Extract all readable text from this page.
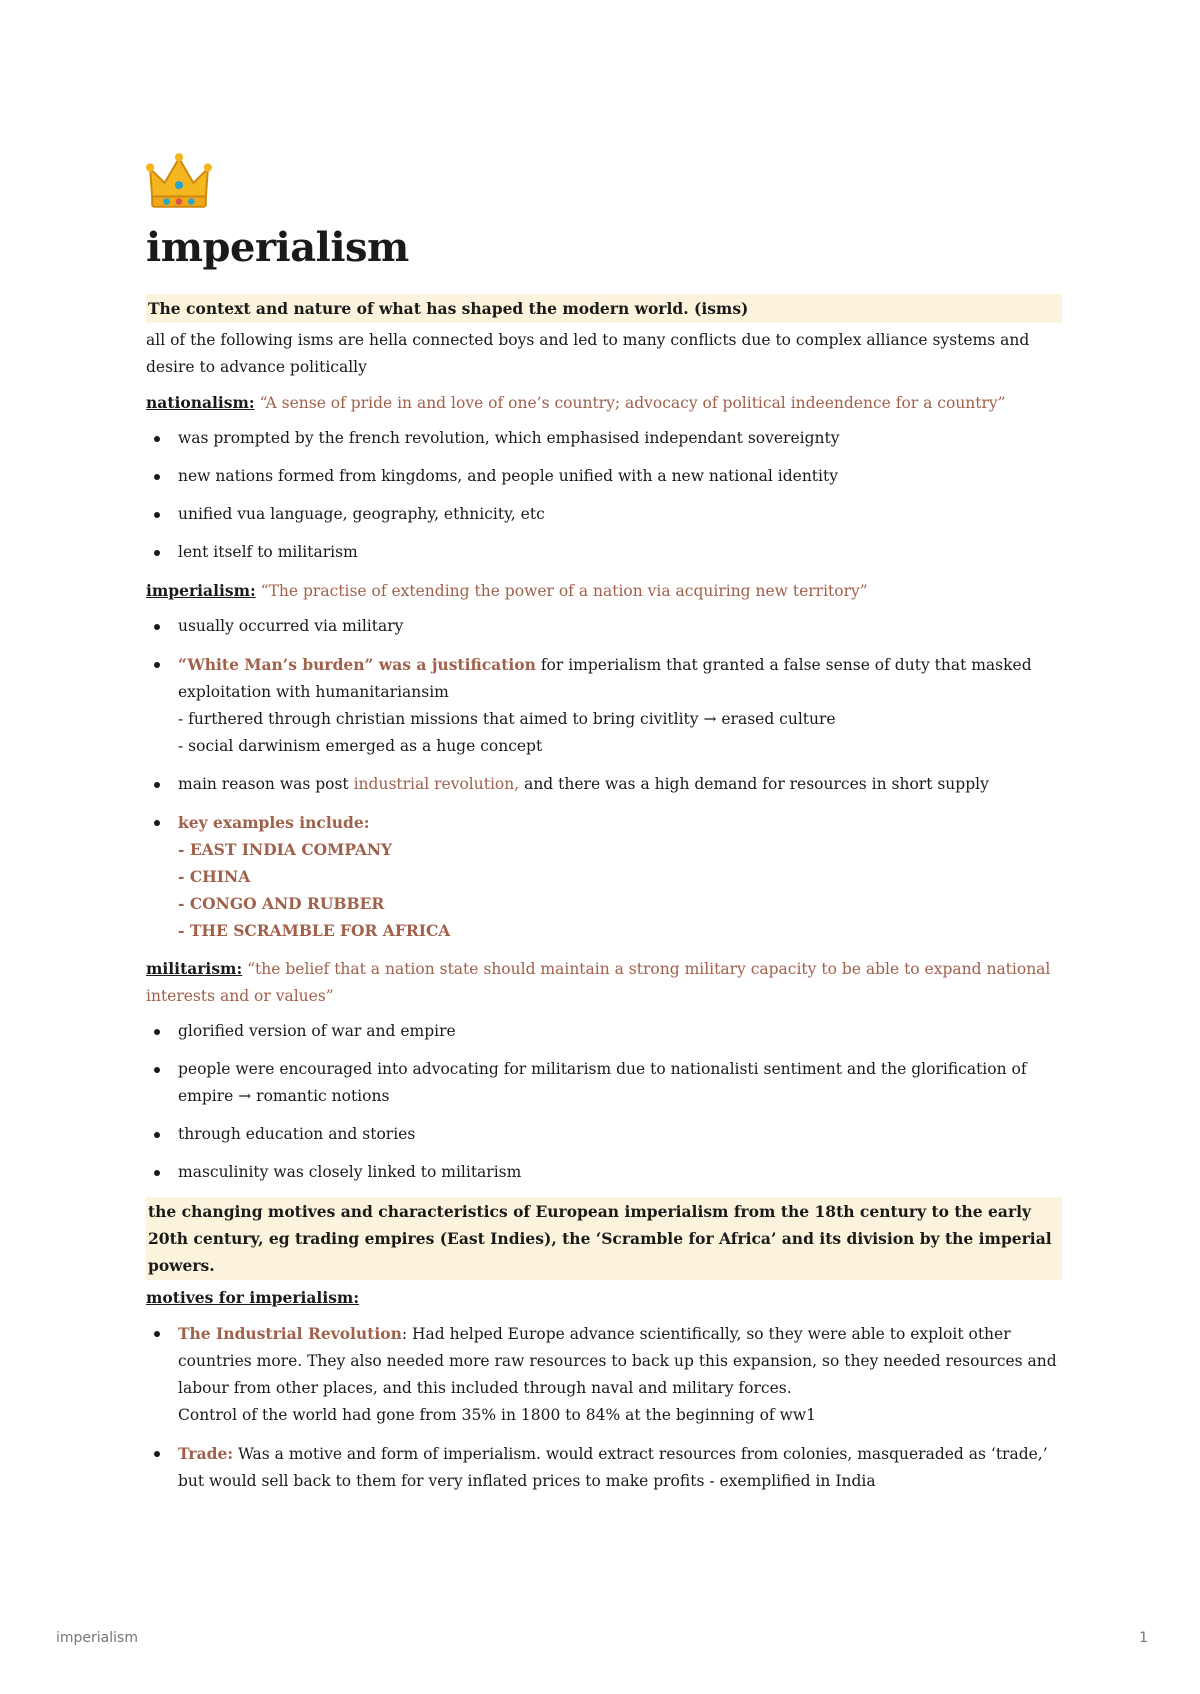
imperialism
The context and nature of what has shaped the modern world. (isms)

all of the following isms are hella connected boys and led to many conflicts due to complex alliance systems and desire to advance politically

nationalism: “A sense of pride in and love of one’s country; advocacy of political indeendence for a country”

was prompted by the french revolution, which emphasised independant sovereignty
new nations formed from kingdoms, and people unified with a new national identity
unified vua language, geography, ethnicity, etc
lent itself to militarism

imperialism: “The practise of extending the power of a nation via acquiring new territory”

usually occurred via military
“White Man’s burden” was a justification for imperialism that granted a false sense of duty that masked exploitation with humanitariansim
- furthered through christian missions that aimed to bring civitlity → erased culture
- social darwinism emerged as a huge concept
main reason was post industrial revolution, and there was a high demand for resources in short supply
key examples include:
- EAST INDIA COMPANY
- CHINA
- CONGO AND RUBBER
- THE SCRAMBLE FOR AFRICA

militarism: “the belief that a nation state should maintain a strong military capacity to be able to expand national interests and or values”

glorified version of war and empire
people were encouraged into advocating for militarism due to nationalisti sentiment and the glorification of empire → romantic notions
through education and stories
masculinity was closely linked to militarism
the changing motives and characteristics of European imperialism from the 18th century to the early 20th century, eg trading empires (East Indies), the ‘Scramble for Africa’ and its division by the imperial powers.

motives for imperialism:

The Industrial Revolution: Had helped Europe advance scientifically, so they were able to exploit other countries more. They also needed more raw resources to back up this expansion, so they needed resources and labour from other places, and this included through naval and military forces.
Control of the world had gone from 35% in 1800 to 84% at the beginning of ww1
Trade: Was a motive and form of imperialism. would extract resources from colonies, masqueraded as ‘trade,’ but would sell back to them for very inflated prices to make profits - exemplified in India
imperialism	1
